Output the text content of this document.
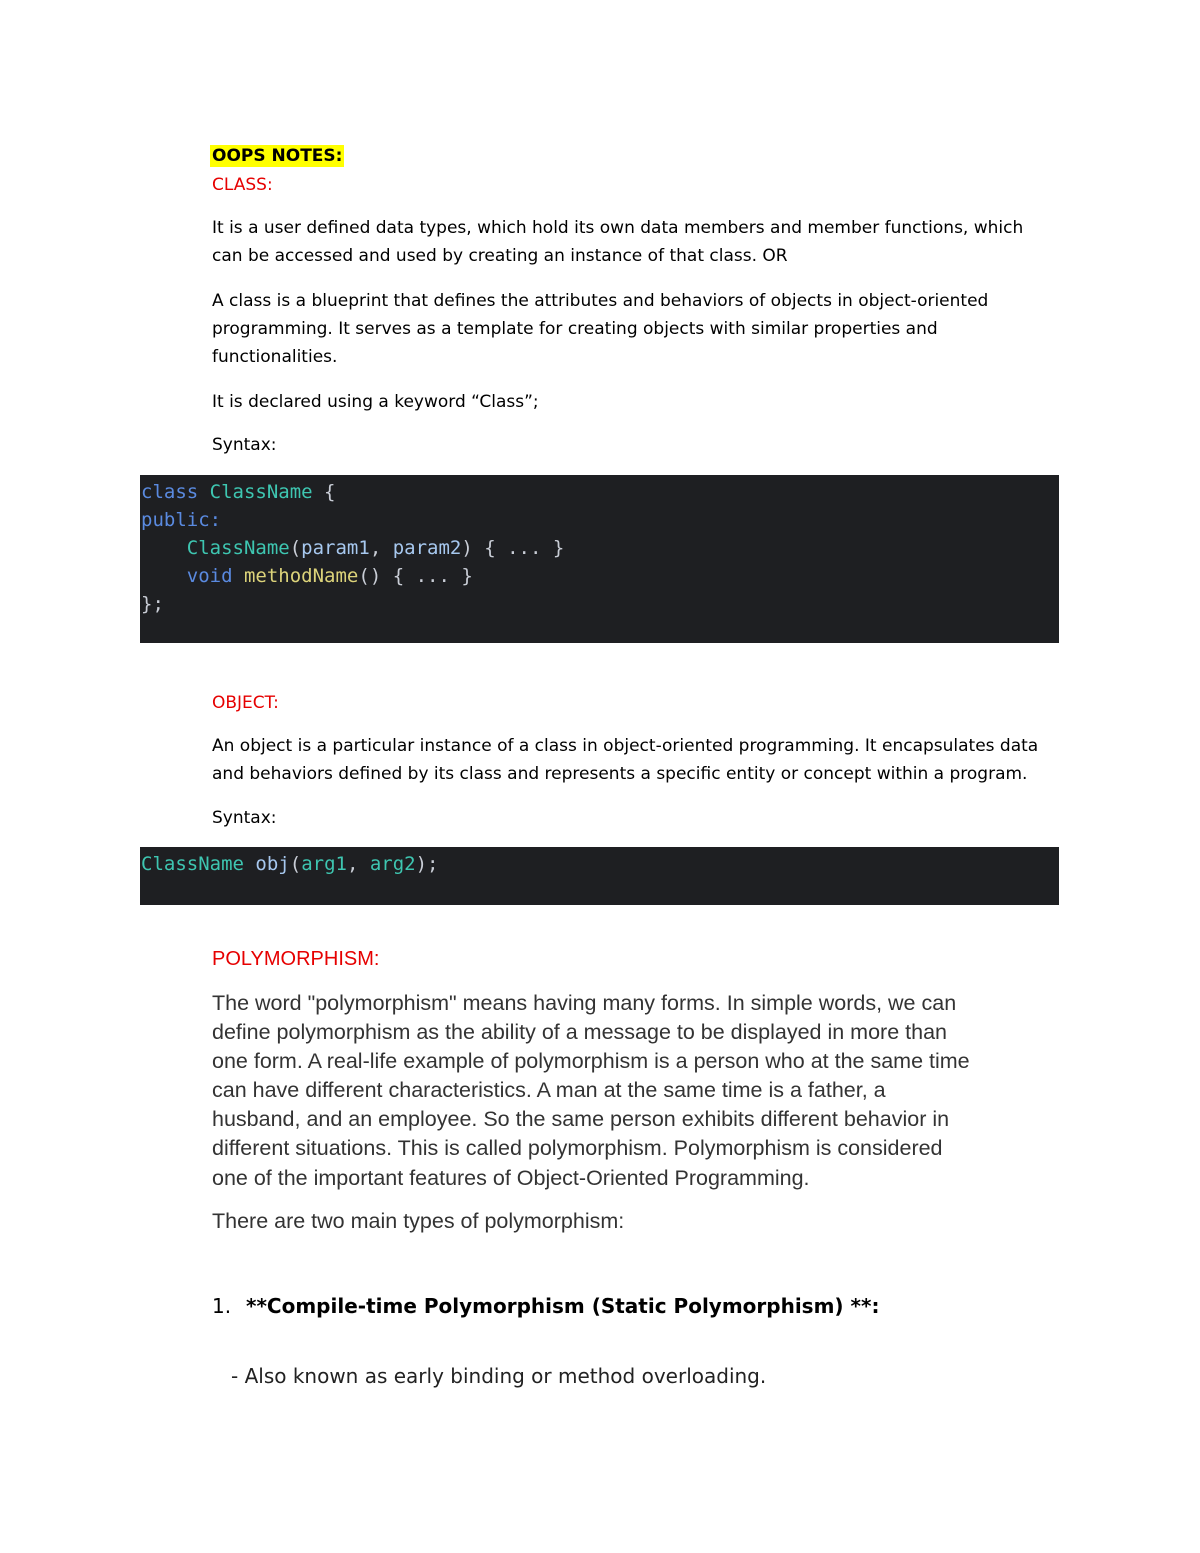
OOPS NOTES:
CLASS:
It is a user defined data types, which hold its own data members and member functions, which
can be accessed and used by creating an instance of that class. OR
A class is a blueprint that defines the attributes and behaviors of objects in object-oriented
programming. It serves as a template for creating objects with similar properties and
functionalities.
It is declared using a keyword “Class”;
Syntax:
class ClassName {
public:
ClassName(param1, param2) { ... }
void methodName() { ... }
};
OBJECT:
An object is a particular instance of a class in object-oriented programming. It encapsulates data
and behaviors defined by its class and represents a specific entity or concept within a program.
Syntax:
ClassName obj(arg1, arg2);
POLYMORPHISM:
The word "polymorphism" means having many forms. In simple words, we can
define polymorphism as the ability of a message to be displayed in more than
one form. A real-life example of polymorphism is a person who at the same time
can have different characteristics. A man at the same time is a father, a
husband, and an employee. So the same person exhibits different behavior in
different situations. This is called polymorphism. Polymorphism is considered
one of the important features of Object-Oriented Programming.
There are two main types of polymorphism:
1. **Compile-time Polymorphism (Static Polymorphism) **:
- Also known as early binding or method overloading.
